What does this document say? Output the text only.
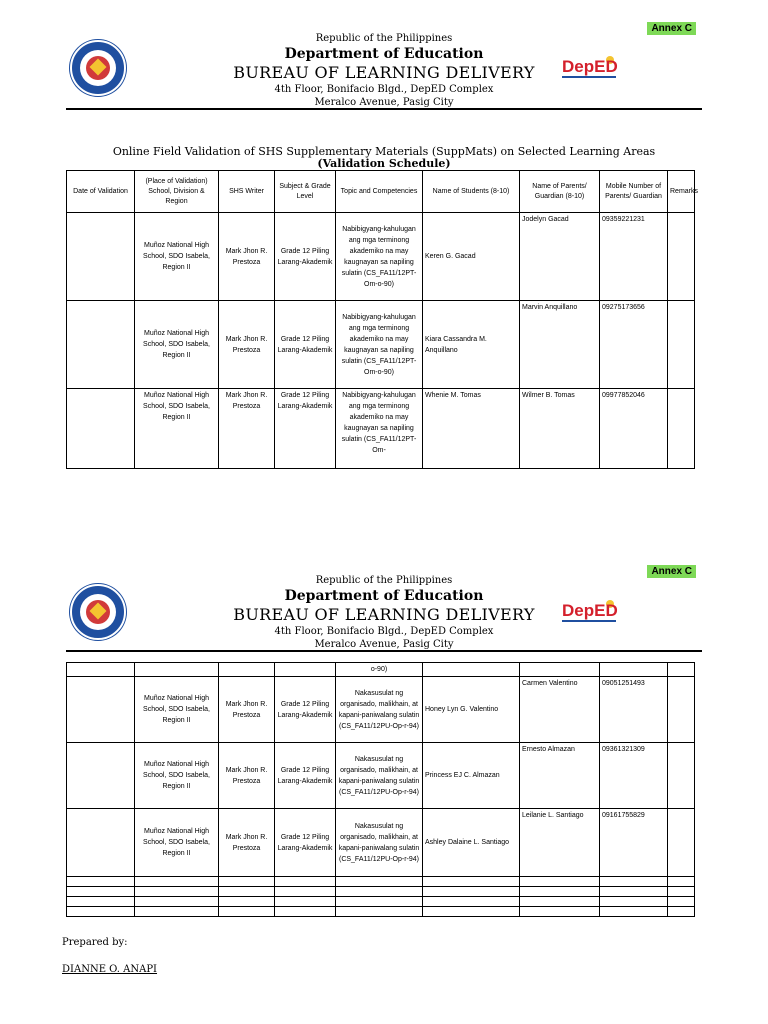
Annex C
DepED
Republic of the Philippines
Department of Education
BUREAU OF LEARNING DELIVERY
4th Floor, Bonifacio Blgd., DepED Complex
Meralco Avenue, Pasig City
Online Field Validation of SHS Supplementary Materials (SuppMats) on Selected Learning Areas
(Validation Schedule)
Date of Validation	(Place of Validation) School, Division & Region	SHS Writer	Subject & Grade Level	Topic and Competencies	Name of Students (8-10)	Name of Parents/ Guardian (8-10)	Mobile Number of Parents/ Guardian	Remarks
	Muñoz National High School, SDO Isabela, Region II	Mark Jhon R. Prestoza	Grade 12 Piling Larang-Akademik	Nabibigyang-kahulugan ang mga terminong akademiko na may kaugnayan sa napiling sulatin (CS_FA11/12PT-Om-o-90)	Keren G. Gacad	Jodelyn Gacad	09359221231	
	Muñoz National High School, SDO Isabela, Region II	Mark Jhon R. Prestoza	Grade 12 Piling Larang-Akademik	Nabibigyang-kahulugan ang mga terminong akademiko na may kaugnayan sa napiling sulatin (CS_FA11/12PT-Om-o-90)	Kiara Cassandra M. Anquillano	Marvin Anquillano	09275173656	
	Muñoz National High School, SDO Isabela, Region II	Mark Jhon R. Prestoza	Grade 12 Piling Larang-Akademik	Nabibigyang-kahulugan ang mga terminong akademiko na may kaugnayan sa napiling sulatin (CS_FA11/12PT-Om-	Whenie M. Tomas	Wilmer B. Tomas	09977852046	
Annex C
DepED
Republic of the Philippines
Department of Education
BUREAU OF LEARNING DELIVERY
4th Floor, Bonifacio Blgd., DepED Complex
Meralco Avenue, Pasig City
				o-90)				
	Muñoz National High School, SDO Isabela, Region II	Mark Jhon R. Prestoza	Grade 12 Piling Larang-Akademik	Nakasusulat ng organisado, malikhain, at kapani-paniwalang sulatin (CS_FA11/12PU-Op-r-94)	Honey Lyn G. Valentino	Carmen Valentino	09051251493	
	Muñoz National High School, SDO Isabela, Region II	Mark Jhon R. Prestoza	Grade 12 Piling Larang-Akademik	Nakasusulat ng organisado, malikhain, at kapani-paniwalang sulatin (CS_FA11/12PU-Op-r-94)	Princess EJ C. Almazan	Ernesto Almazan	09361321309	
	Muñoz National High School, SDO Isabela, Region II	Mark Jhon R. Prestoza	Grade 12 Piling Larang-Akademik	Nakasusulat ng organisado, malikhain, at kapani-paniwalang sulatin (CS_FA11/12PU-Op-r-94)	Ashley Dalaine L. Santiago	Leilanie L. Santiago	09161755829	

Prepared by:
DIANNE O. ANAPI
